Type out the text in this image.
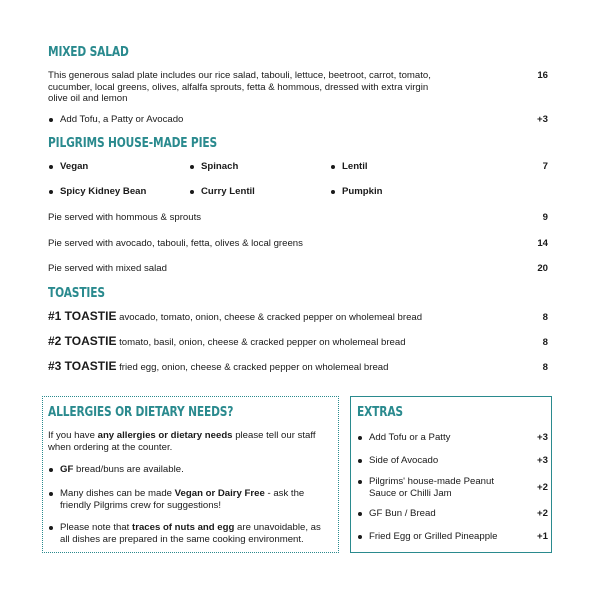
MIXED SALAD
This generous salad plate includes our rice salad, tabouli, lettuce, beetroot, carrot, tomato,
cucumber, local greens, olives, alfalfa sprouts, fetta & hommous, dressed with extra virgin
olive oil and lemon
16
Add Tofu, a Patty or Avocado	+3
PILGRIMS HOUSE-MADE PIES
Vegan	Spinach	Lentil	7
Spicy Kidney Bean	Curry Lentil	Pumpkin
Pie served with hommous & sprouts	9
Pie served with avocado, tabouli, fetta, olives & local greens	14
Pie served with mixed salad	20
TOASTIES
#1 TOASTIE avocado, tomato, onion, cheese & cracked pepper on wholemeal bread	8
#2 TOASTIE tomato, basil, onion, cheese & cracked pepper on wholemeal bread	8
#3 TOASTIE fried egg, onion, cheese & cracked pepper on wholemeal bread	8
ALLERGIES OR DIETARY NEEDS?
If you have any allergies or dietary needs please tell our staff
when ordering at the counter.
GF bread/buns are available.
Many dishes can be made Vegan or Dairy Free - ask the
friendly Pilgrims crew for suggestions!
Please note that traces of nuts and egg are unavoidable, as
all dishes are prepared in the same cooking environment.
EXTRAS
Add Tofu or a Patty	+3
Side of Avocado	+3
Pilgrims' house-made Peanut
Sauce or Chilli Jam
+2
GF Bun / Bread	+2
Fried Egg or Grilled Pineapple	+1
